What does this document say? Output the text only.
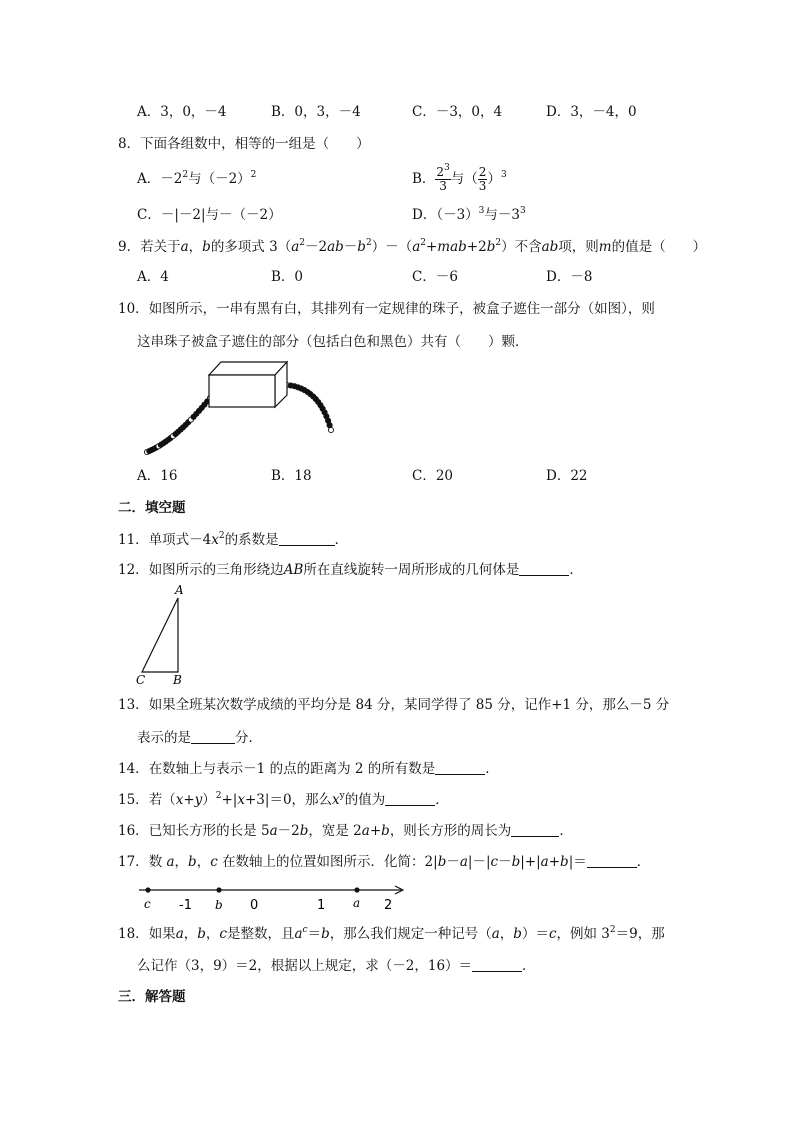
A．3，0，－4	B．0，3，－4	C．－3，0，4	D．3，－4，0
8．下面各组数中，相等的一组是（　　）
A．$-2^2$与$(-2)^2$	B． $\frac{2^3}{3}$ 与（ $\frac{2}{3} )^3$
C．－|－2|与－（－2）	D．$(-3)^3$与$-3^3$
9．若关于a，b的多项式 $3(a^2-2ab-b^2)-(a^2+mab+2b^2)$不含ab项，则m的值是（　　）
A．4	B．0	C．－6	D．－8
10．如图所示，一串有黑有白，其排列有一定规律的珠子，被盒子遮住一部分（如图），则
这串珠子被盒子遮住的部分（包括白色和黑色）共有（　　）颗．
A．16	B．18	C．20	D．22
二．填空题
11．单项式$-4x^2$的系数是	．
12．如图所示的三角形绕边AB所在直线旋转一周所形成的几何体是	．
A
B
C
13．如果全班某次数学成绩的平均分是 84 分，某同学得了 85 分，记作+1 分，那么－5 分
表示的是	分．
14．在数轴上与表示－1 的点的距离为 2 的所有数是	．
15．若$(x+y)^2+|x+3|=0$，那么$x^y$的值为	．
16．已知长方形的长是 5a－2b，宽是 2a+b，则长方形的周长为	．
17．数 a，b，c 在数轴上的位置如图所示．化简：2|b－a|－|c－b|+|a+b|＝	．
c -1 b 0	1 a 2
18．如果a，b，c是整数，且$a^c=b$，那么我们规定一种记号（a，b）＝c，例如 $3^2=9$，那
么记作（3，9）＝2，根据以上规定，求（－2，16）＝	．
三．解答题
